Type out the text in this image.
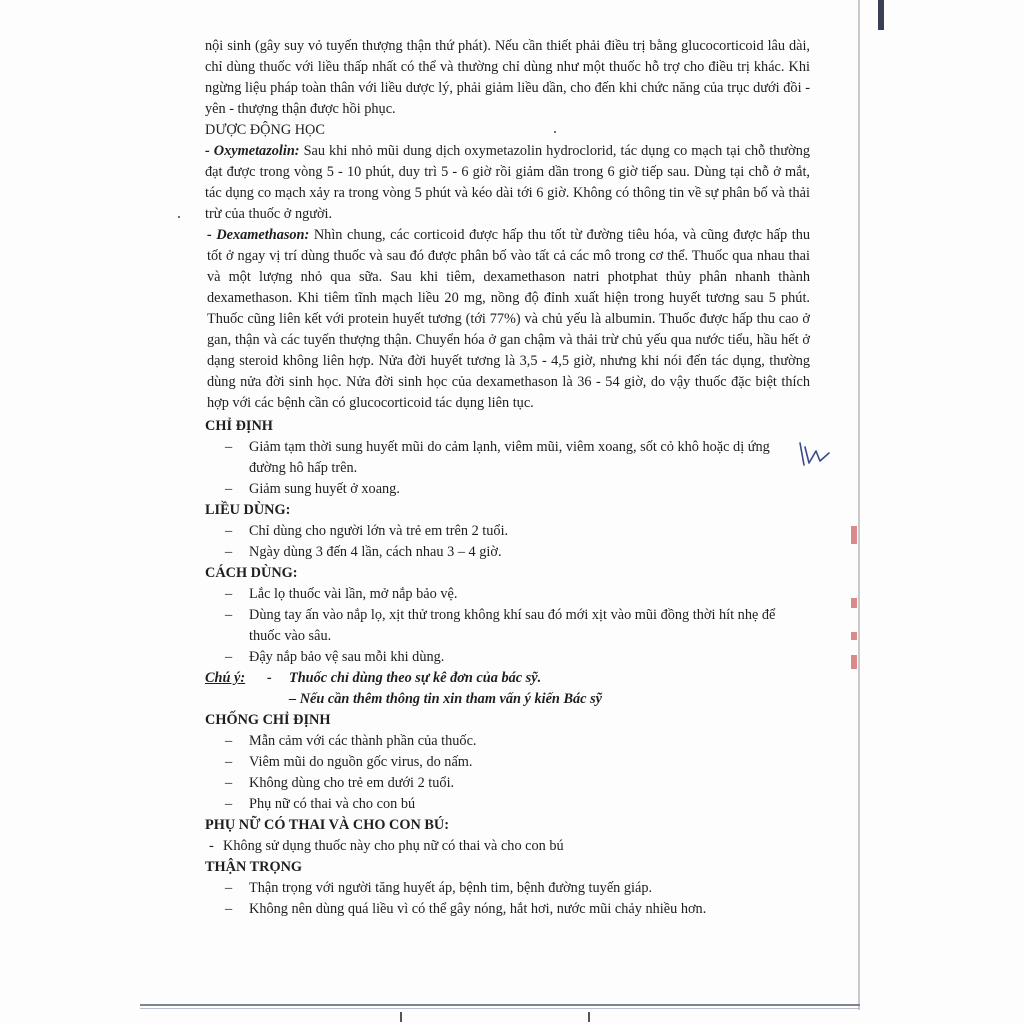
nội sinh (gây suy vỏ tuyến thượng thận thứ phát). Nếu cần thiết phải điều trị bằng glucocorticoid lâu dài, chỉ dùng thuốc với liều thấp nhất có thể và thường chỉ dùng như một thuốc hỗ trợ cho điều trị khác. Khi ngừng liệu pháp toàn thân với liều dược lý, phải giảm liều dần, cho đến khi chức năng của trục dưới đồi - yên - thượng thận được hồi phục.

DƯỢC ĐỘNG HỌC

- Oxymetazolin: Sau khi nhỏ mũi dung dịch oxymetazolin hydroclorid, tác dụng co mạch tại chỗ thường đạt được trong vòng 5 - 10 phút, duy trì 5 - 6 giờ rồi giảm dần trong 6 giờ tiếp sau. Dùng tại chỗ ở mắt, tác dụng co mạch xảy ra trong vòng 5 phút và kéo dài tới 6 giờ. Không có thông tin về sự phân bố và thải trừ của thuốc ở người.

- Dexamethason: Nhìn chung, các corticoid được hấp thu tốt từ đường tiêu hóa, và cũng được hấp thu tốt ở ngay vị trí dùng thuốc và sau đó được phân bố vào tất cả các mô trong cơ thể. Thuốc qua nhau thai và một lượng nhỏ qua sữa. Sau khi tiêm, dexamethason natri photphat thủy phân nhanh thành dexamethason. Khi tiêm tĩnh mạch liều 20 mg, nồng độ đỉnh xuất hiện trong huyết tương sau 5 phút. Thuốc cũng liên kết với protein huyết tương (tới 77%) và chủ yếu là albumin. Thuốc được hấp thu cao ở gan, thận và các tuyến thượng thận. Chuyển hóa ở gan chậm và thải trừ chủ yếu qua nước tiểu, hầu hết ở dạng steroid không liên hợp. Nửa đời huyết tương là 3,5 - 4,5 giờ, nhưng khi nói đến tác dụng, thường dùng nửa đời sinh học. Nửa đời sinh học của dexamethason là 36 - 54 giờ, do vậy thuốc đặc biệt thích hợp với các bệnh cần có glucocorticoid tác dụng liên tục.

CHỈ ĐỊNH

– Giảm tạm thời sung huyết mũi do cảm lạnh, viêm mũi, viêm xoang, sốt cỏ khô hoặc dị ứng đường hô hấp trên.

– Giảm sung huyết ở xoang.

LIỀU DÙNG:

– Chỉ dùng cho người lớn và trẻ em trên 2 tuổi.

– Ngày dùng 3 đến 4 lần, cách nhau 3 – 4 giờ.

CÁCH DÙNG:

– Lắc lọ thuốc vài lần, mở nắp bảo vệ.

– Dùng tay ấn vào nắp lọ, xịt thử trong không khí sau đó mới xịt vào mũi đồng thời hít nhẹ để thuốc vào sâu.

– Đậy nắp bảo vệ sau mỗi khi dùng.

Chú ý: - Thuốc chỉ dùng theo sự kê đơn của bác sỹ.

– Nếu cần thêm thông tin xin tham vấn ý kiến Bác sỹ

CHỐNG CHỈ ĐỊNH

– Mẫn cảm với các thành phần của thuốc.

– Viêm mũi do nguồn gốc virus, do nấm.

– Không dùng cho trẻ em dưới 2 tuổi.

– Phụ nữ có thai và cho con bú

PHỤ NỮ CÓ THAI VÀ CHO CON BÚ:

- Không sử dụng thuốc này cho phụ nữ có thai và cho con bú

THẬN TRỌNG

– Thận trọng với người tăng huyết áp, bệnh tim, bệnh đường tuyến giáp.

– Không nên dùng quá liều vì có thể gây nóng, hắt hơi, nước mũi chảy nhiều hơn.
